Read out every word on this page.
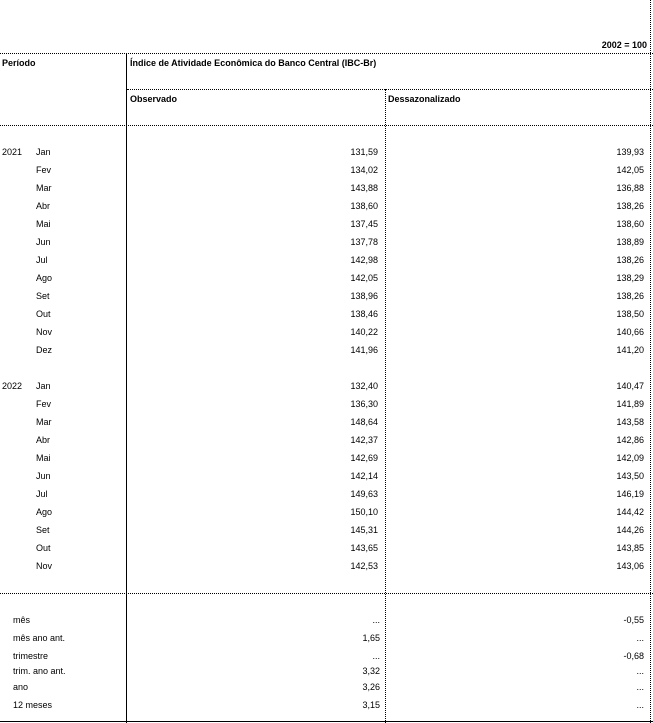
2002 = 100
Período	Índice de Atividade Econômica do Banco Central (IBC-Br)
Observado	Dessazonalizado
2021 Jan	131,59	139,93
Fev	134,02	142,05
Mar	143,88	136,88
Abr	138,60	138,26
Mai	137,45	138,60
Jun	137,78	138,89
Jul	142,98	138,26
Ago	142,05	138,29
Set	138,96	138,26
Out	138,46	138,50
Nov	140,22	140,66
Dez	141,96	141,20
2022 Jan	132,40	140,47
Fev	136,30	141,89
Mar	148,64	143,58
Abr	142,37	142,86
Mai	142,69	142,09
Jun	142,14	143,50
Jul	149,63	146,19
Ago	150,10	144,42
Set	145,31	144,26
Out	143,65	143,85
Nov	142,53	143,06
mês	...	-0,55
mês ano ant.	1,65	...
trimestre	...	-0,68
trim. ano ant.	3,32	...
ano	3,26	...
12 meses	3,15	...
